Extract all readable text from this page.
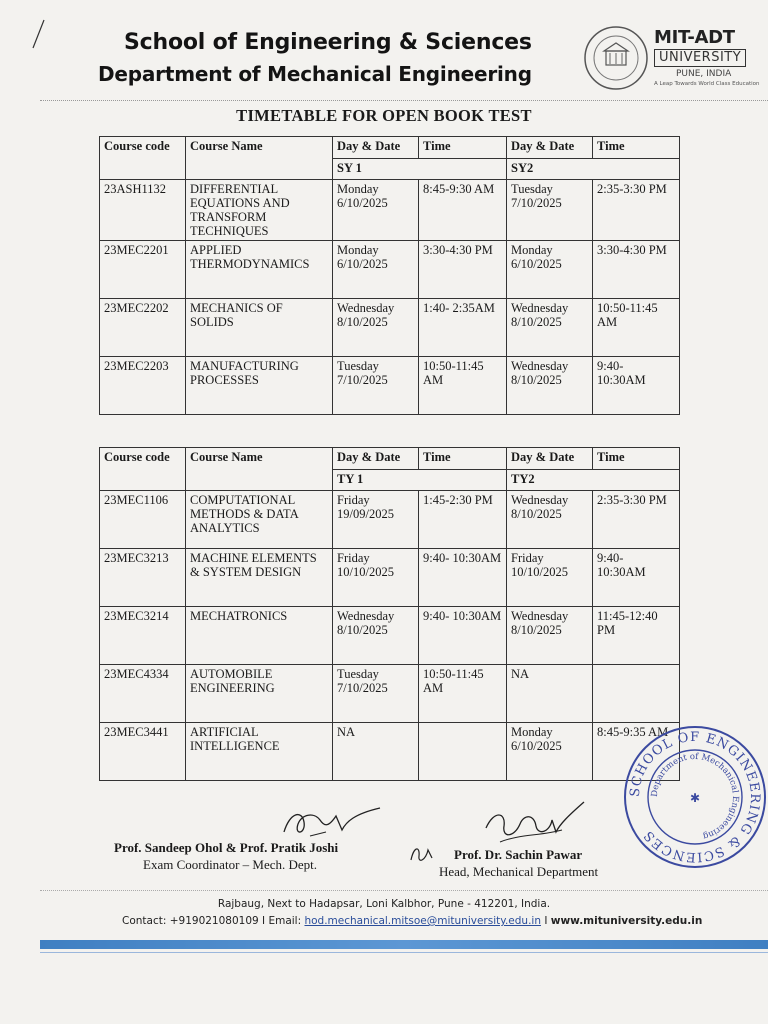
School of Engineering & Sciences
Department of Mechanical Engineering
MIT-ADT
UNIVERSITY
PUNE, INDIA
A Leap Towards World Class Education
TIMETABLE FOR OPEN BOOK TEST
Course code	Course Name	Day & Date	Time	Day & Date	Time
		SY 1		SY2	
23ASH1132	DIFFERENTIAL EQUATIONS AND TRANSFORM TECHNIQUES	Monday 6/10/2025	8:45-9:30 AM	Tuesday 7/10/2025	2:35-3:30 PM
23MEC2201	APPLIED THERMODYNAMICS	Monday 6/10/2025	3:30-4:30 PM	Monday 6/10/2025	3:30-4:30 PM
23MEC2202	MECHANICS OF SOLIDS	Wednesday 8/10/2025	1:40- 2:35AM	Wednesday 8/10/2025	10:50-11:45 AM
23MEC2203	MANUFACTURING PROCESSES	Tuesday 7/10/2025	10:50-11:45 AM	Wednesday 8/10/2025	9:40- 10:30AM
Course code	Course Name	Day & Date	Time	Day & Date	Time
		TY 1		TY2	
23MEC1106	COMPUTATIONAL METHODS & DATA ANALYTICS	Friday 19/09/2025	1:45-2:30 PM	Wednesday 8/10/2025	2:35-3:30 PM
23MEC3213	MACHINE ELEMENTS & SYSTEM DESIGN	Friday 10/10/2025	9:40- 10:30AM	Friday 10/10/2025	9:40- 10:30AM
23MEC3214	MECHATRONICS	Wednesday 8/10/2025	9:40- 10:30AM	Wednesday 8/10/2025	11:45-12:40 PM
23MEC4334	AUTOMOBILE ENGINEERING	Tuesday 7/10/2025	10:50-11:45 AM	NA	
23MEC3441	ARTIFICIAL INTELLIGENCE	NA		Monday 6/10/2025	8:45-9:35 AM
Prof. Sandeep Ohol & Prof. Pratik Joshi
Exam Coordinator – Mech. Dept.
Prof. Dr. Sachin Pawar
Head, Mechanical Department
SCHOOL OF ENGINEERING & SCIENCES
Department of Mechanical Engineering
✱
Rajbaug, Next to Hadapsar, Loni Kalbhor, Pune - 412201, India.
Contact: +919021080109 I Email: hod.mechanical.mitsoe@mituniversity.edu.in I www.mituniversity.edu.in
